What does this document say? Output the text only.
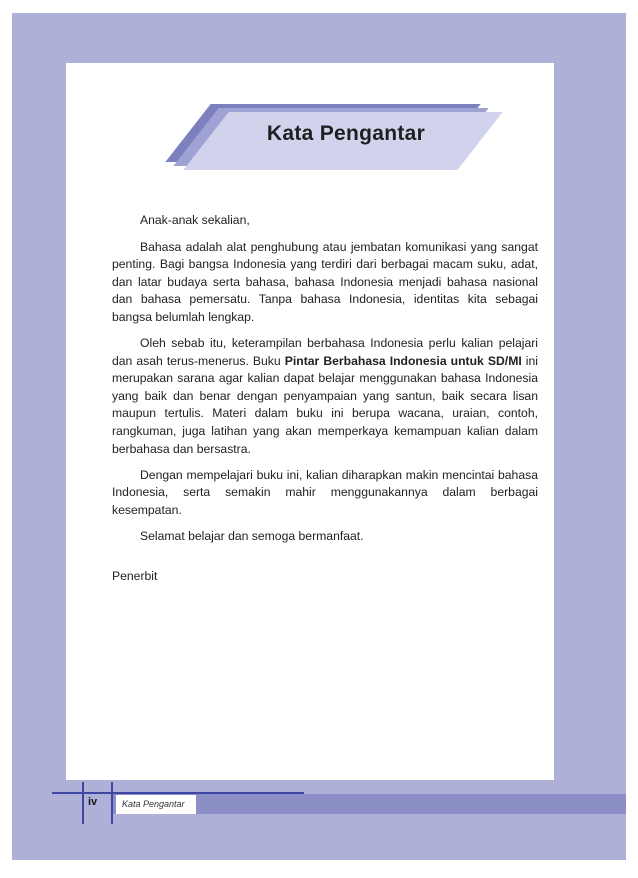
Kata Pengantar

Anak-anak sekalian,

Bahasa adalah alat penghubung atau jembatan komunikasi yang sangat penting. Bagi bangsa Indonesia yang terdiri dari berbagai macam suku, adat, dan latar budaya serta bahasa, bahasa Indonesia menjadi bahasa nasional dan bahasa pemersatu. Tanpa bahasa Indonesia, identitas kita sebagai bangsa belumlah lengkap.

Oleh sebab itu, keterampilan berbahasa Indonesia perlu kalian pelajari dan asah terus-menerus. Buku Pintar Berbahasa Indonesia untuk SD/MI ini merupakan sarana agar kalian dapat belajar menggunakan bahasa Indonesia yang baik dan benar dengan penyampaian yang santun, baik secara lisan maupun tertulis. Materi dalam buku ini berupa wacana, uraian, contoh, rangkuman, juga latihan yang akan memperkaya kemampuan kalian dalam berbahasa dan bersastra.

Dengan mempelajari buku ini, kalian diharapkan makin mencintai bahasa Indonesia, serta semakin mahir menggunakannya dalam berbagai kesempatan.

Selamat belajar dan semoga bermanfaat.

Penerbit

Kata Pengantar
iv
